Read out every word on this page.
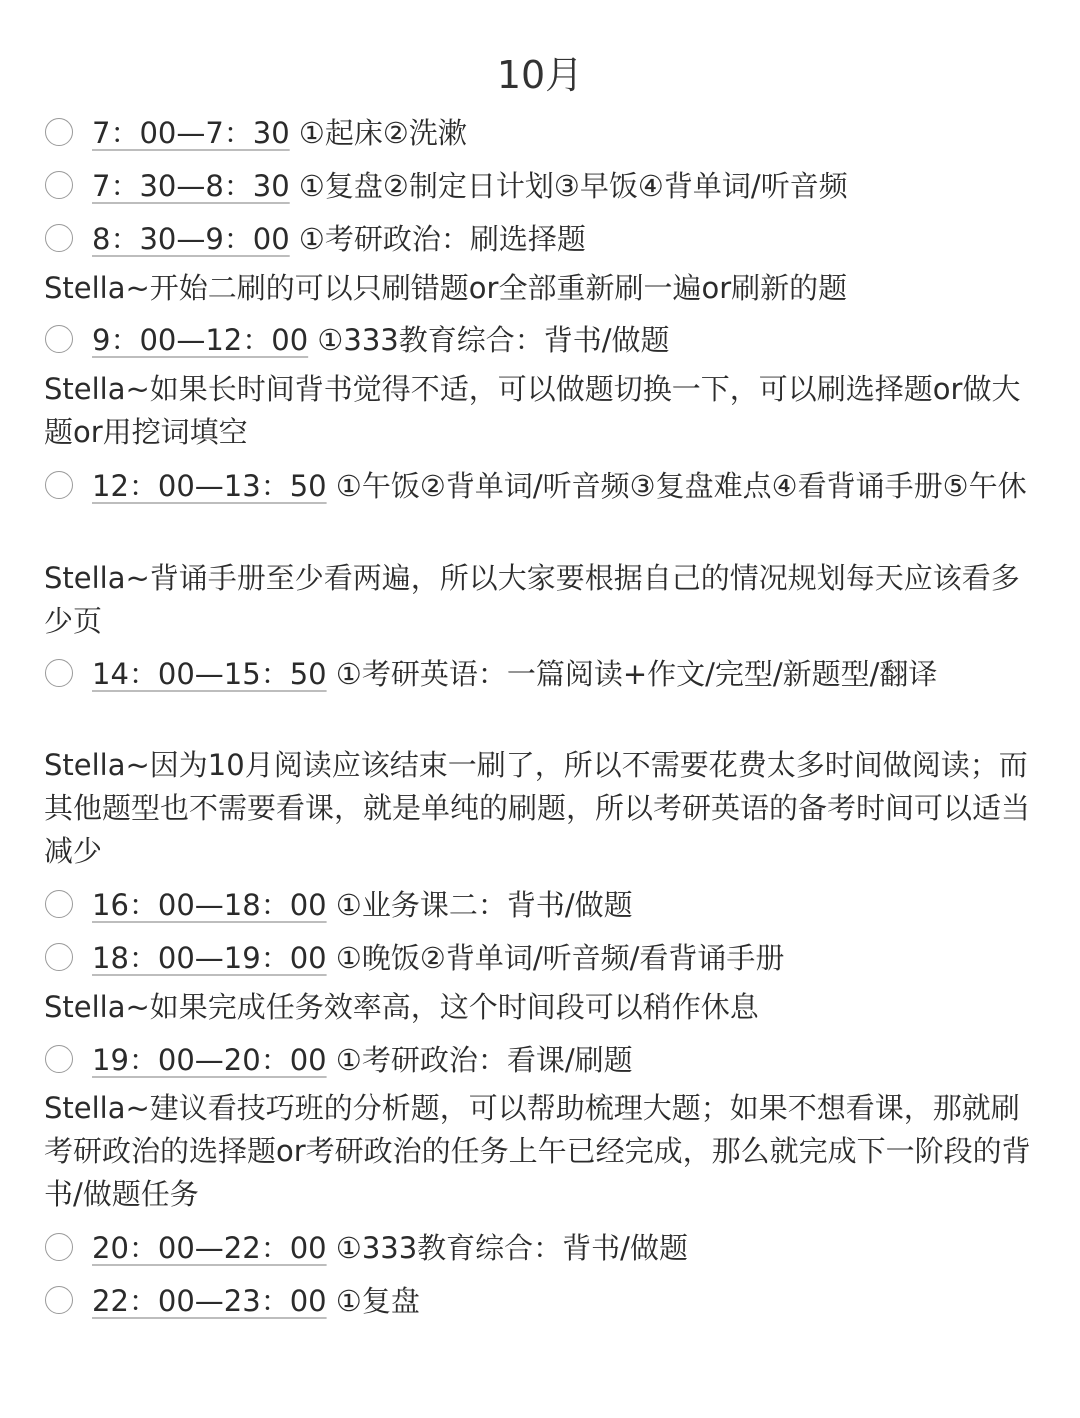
10月
7：00—7：30 ①起床②洗漱
7：30—8：30 ①复盘②制定日计划③早饭④背单词/听音频
8：30—9：00 ①考研政治：刷选择题
Stella~开始二刷的可以只刷错题or全部重新刷一遍or刷新的题
9：00—12：00 ①333教育综合：背书/做题
Stella~如果长时间背书觉得不适，可以做题切换一下，可以刷选择题or做大题or用挖词填空
12：00—13：50 ①午饭②背单词/听音频③复盘难点④看背诵手册⑤午休
Stella~背诵手册至少看两遍，所以大家要根据自己的情况规划每天应该看多少页
14：00—15：50 ①考研英语：一篇阅读+作文/完型/新题型/翻译
Stella~因为10月阅读应该结束一刷了，所以不需要花费太多时间做阅读；而其他题型也不需要看课，就是单纯的刷题，所以考研英语的备考时间可以适当减少
16：00—18：00 ①业务课二：背书/做题
18：00—19：00 ①晚饭②背单词/听音频/看背诵手册
Stella~如果完成任务效率高，这个时间段可以稍作休息
19：00—20：00 ①考研政治：看课/刷题
Stella~建议看技巧班的分析题，可以帮助梳理大题；如果不想看课，那就刷考研政治的选择题or考研政治的任务上午已经完成，那么就完成下一阶段的背书/做题任务
20：00—22：00 ①333教育综合：背书/做题
22：00—23：00 ①复盘
